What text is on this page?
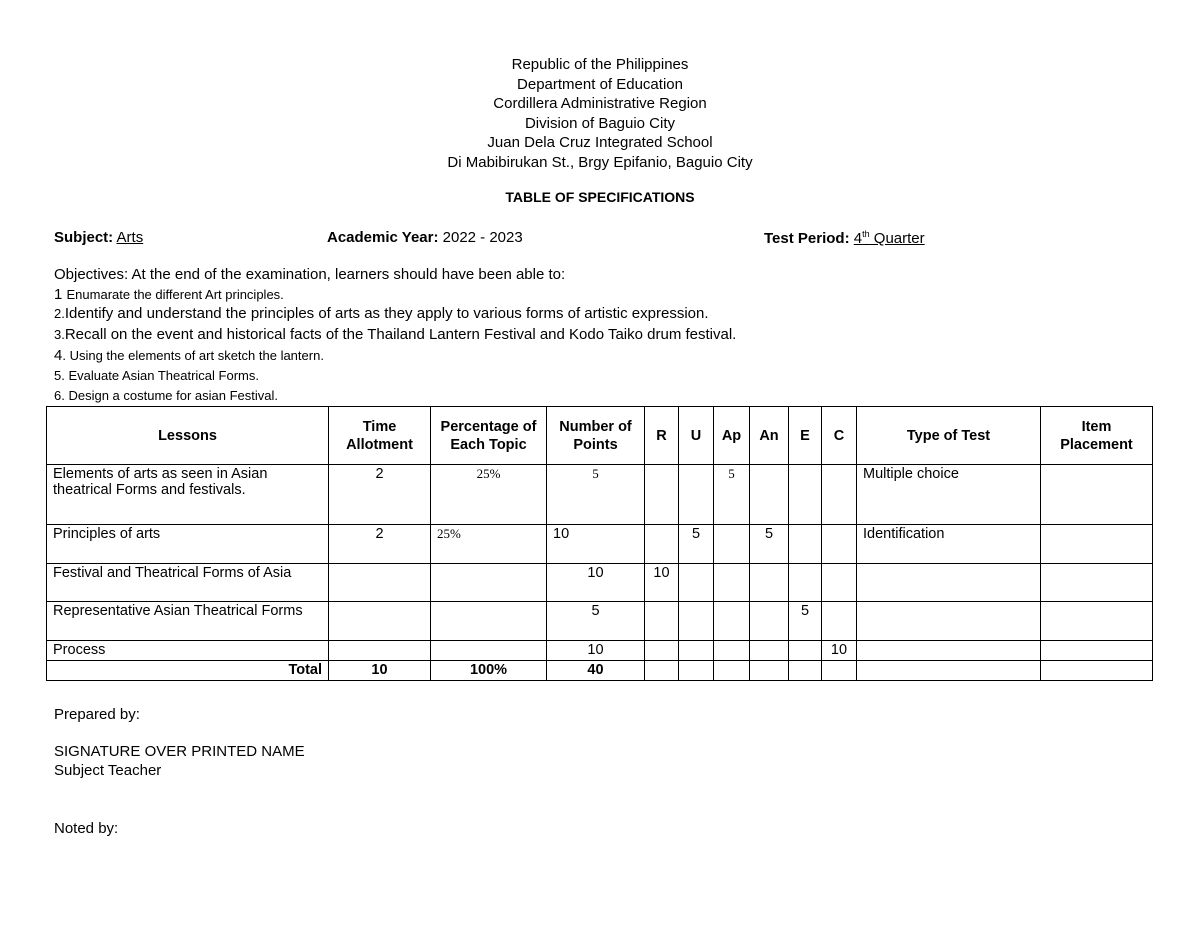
Republic of the Philippines
Department of Education
Cordillera Administrative Region
Division of Baguio City
Juan Dela Cruz Integrated School
Di Mabibirukan St., Brgy Epifanio, Baguio City
TABLE OF SPECIFICATIONS
Subject: Arts	Academic Year: 2022 - 2023	Test Period: 4th Quarter
Objectives: At the end of the examination, learners should have been able to:
1 Enumarate the different Art principles.
2.Identify and understand the principles of arts as they apply to various forms of artistic expression.
3.Recall on the event and historical facts of the Thailand Lantern Festival and Kodo Taiko drum festival.
4. Using the elements of art sketch the lantern.
5. Evaluate Asian Theatrical Forms.
6. Design a costume for asian Festival.
Lessons	Time Allotment	Percentage of Each Topic	Number of Points	R	U	Ap	An	E	C	Type of Test	Item Placement
Elements of arts as seen in Asian theatrical Forms and festivals.	2	25%	5			5				Multiple choice	
Principles of arts	2	25%	10		5		5			Identification	
Festival and Theatrical Forms of Asia			10	10							
Representative Asian Theatrical Forms			5					5			
Process			10						10		
Total	10	100%	40								
Prepared by:
SIGNATURE OVER PRINTED NAME
Subject Teacher
Noted by:
